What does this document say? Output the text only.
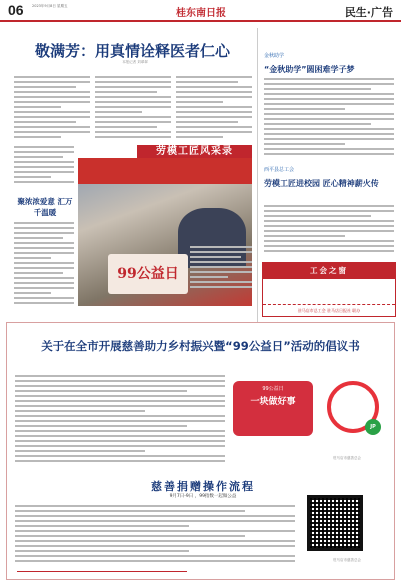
06 2023年9月8日 星期五
桂东南日报	民生·广告
敬满芳：用真情诠释医者仁心
本报记者 刘翠翠
劳模工匠风采录
99公益日
聚浓浓爱意 汇万千温暖
金秋助学
“金秋助学”圆困难学子梦
西平县总工会
劳模工匠进校园 匠心精神薪火传
工会之窗
驻马店市总工会 驻马店日报社 联办
关于在全市开展慈善助力乡村振兴暨“99公益日”活动的倡议书
99公益日
一块做好事
JP
驻马店市慈善总会
慈善捐赠操作流程
9月7日-9日 ，99指数一起做公益
驻马店市慈善总会
